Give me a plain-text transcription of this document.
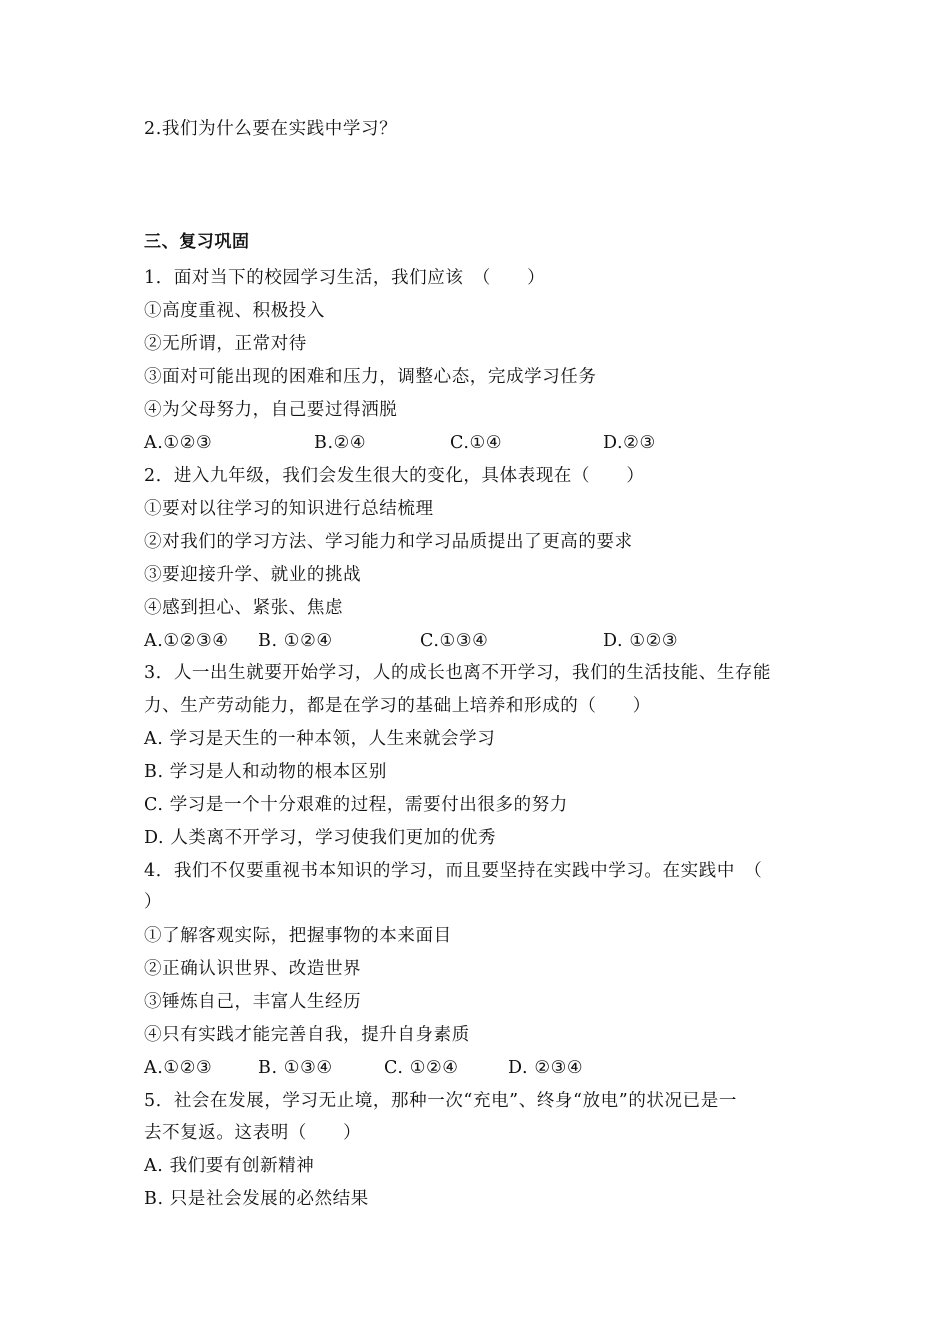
2.我们为什么要在实践中学习？
三、复习巩固
1．面对当下的校园学习生活，我们应该　（　　）
①高度重视、积极投入
②无所谓，正常对待
③面对可能出现的困难和压力，调整心态，完成学习任务
④为父母努力，自己要过得洒脱
A.①②③	B.②④	C.①④	D.②③
2．进入九年级，我们会发生很大的变化，具体表现在（　　）
①要对以往学习的知识进行总结梳理
②对我们的学习方法、学习能力和学习品质提出了更高的要求
③要迎接升学、就业的挑战
④感到担心、紧张、焦虑
A.①②③④ B. ①②④	C.①③④	D. ①②③
3．人一出生就要开始学习，人的成长也离不开学习，我们的生活技能、生存能
力、生产劳动能力，都是在学习的基础上培养和形成的（　　）
A. 学习是天生的一种本领，人生来就会学习
B. 学习是人和动物的根本区别
C. 学习是一个十分艰难的过程，需要付出很多的努力
D. 人类离不开学习，学习使我们更加的优秀
4．我们不仅要重视书本知识的学习，而且要坚持在实践中学习。在实践中　（
）
①了解客观实际，把握事物的本来面目
②正确认识世界、改造世界
③锤炼自己，丰富人生经历
④只有实践才能完善自我，提升自身素质
A.①②③	B. ①③④	C. ①②④	D. ②③④
5．社会在发展，学习无止境，那种一次“充电”、终身“放电”的状况已是一
去不复返。这表明（　　）
A. 我们要有创新精神
B. 只是社会发展的必然结果
